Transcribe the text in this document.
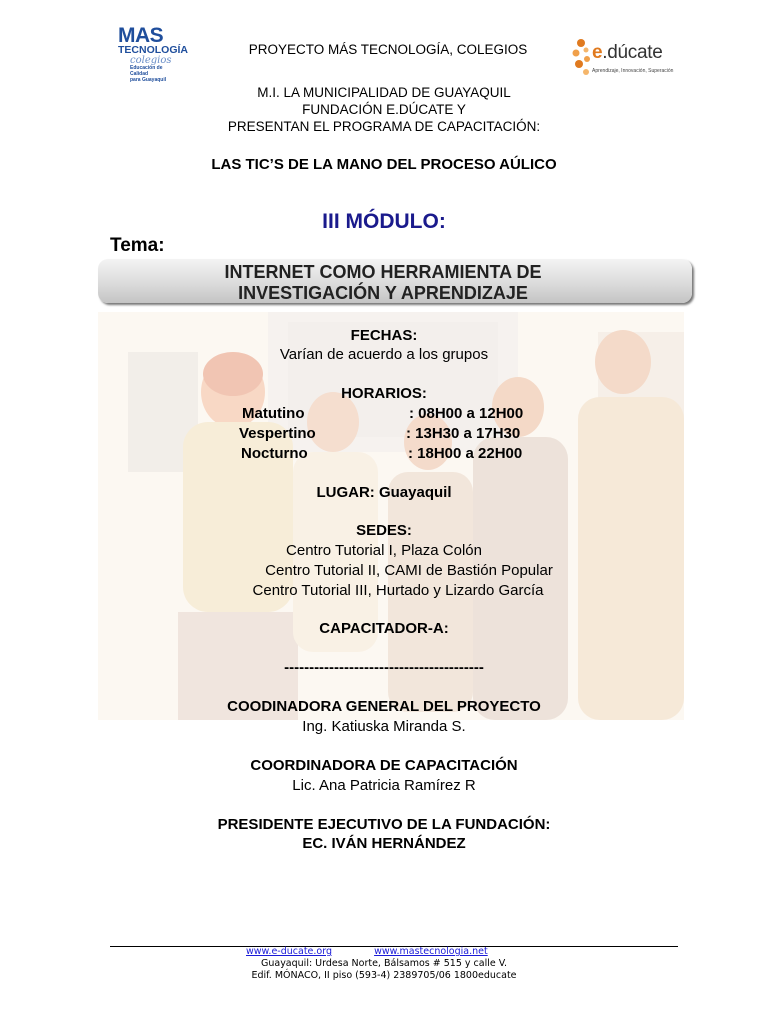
MAS
TECNOLOGÍA
colegios
Educación de Calidad
para Guayaquil
e.dúcate
Aprendizaje, Innovación, Superación
PROYECTO MÁS TECNOLOGÍA, COLEGIOS
M.I. LA MUNICIPALIDAD DE GUAYAQUIL
FUNDACIÓN E.DÚCATE Y
PRESENTAN EL PROGRAMA DE CAPACITACIÓN:
LAS TIC’S DE LA MANO DEL PROCESO AÚLICO
III MÓDULO:
Tema:
INTERNET COMO HERRAMIENTA DE
INVESTIGACIÓN Y APRENDIZAJE
FECHAS:
Varían de acuerdo a los grupos
HORARIOS:
Matutino	: 08H00 a 12H00
Vespertino	: 13H30 a 17H30
Nocturno	: 18H00 a 22H00
LUGAR: Guayaquil
SEDES:
Centro Tutorial I, Plaza Colón
Centro Tutorial II, CAMI de Bastión Popular
Centro Tutorial III, Hurtado y Lizardo García
CAPACITADOR-A:
----------------------------------------
COODINADORA GENERAL DEL PROYECTO
Ing. Katiuska Miranda S.
COORDINADORA DE CAPACITACIÓN
Lic. Ana Patricia Ramírez R
PRESIDENTE EJECUTIVO DE LA FUNDACIÓN:
EC. IVÁN HERNÁNDEZ
www.e-ducate.org	www.mastecnologia.net
Guayaquil: Urdesa Norte, Bálsamos # 515 y calle V.
Edif. MÓNACO, II piso (593-4) 2389705/06 1800educate
